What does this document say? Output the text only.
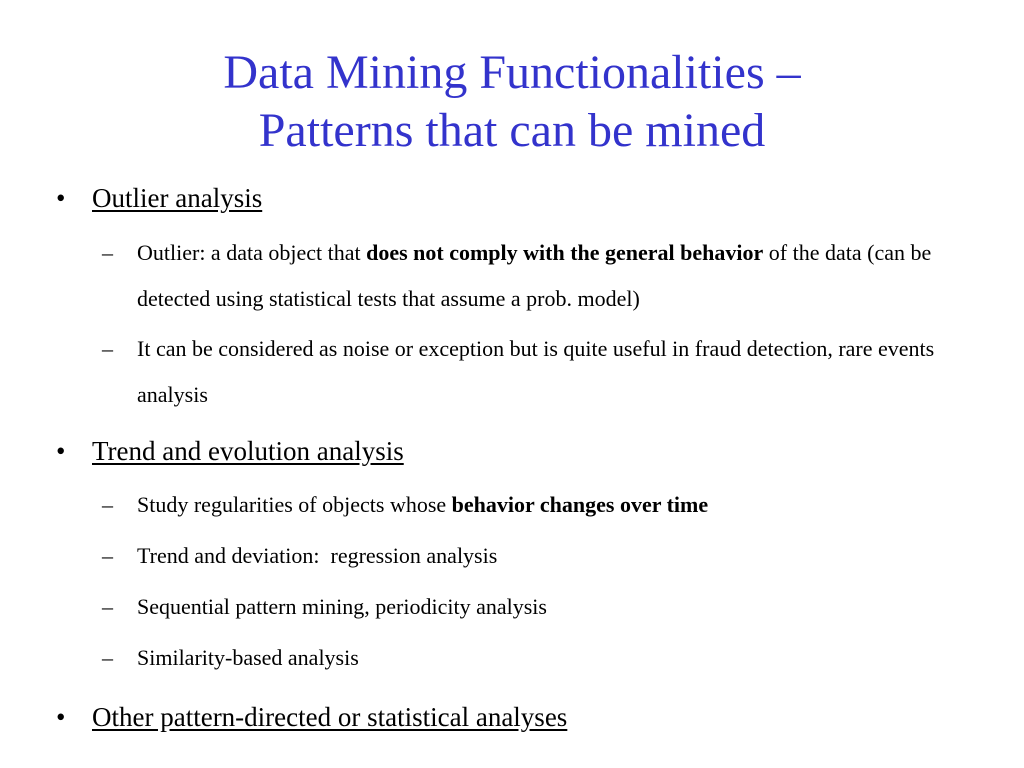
Data Mining Functionalities –
Patterns that can be mined
• Outlier analysis
– Outlier: a data object that does not comply with the general behavior of the data (can be detected using statistical tests that assume a prob. model)
– It can be considered as noise or exception but is quite useful in fraud detection, rare events analysis
• Trend and evolution analysis
– Study regularities of objects whose behavior changes over time
– Trend and deviation:  regression analysis
– Sequential pattern mining, periodicity analysis
– Similarity-based analysis
• Other pattern-directed or statistical analyses
